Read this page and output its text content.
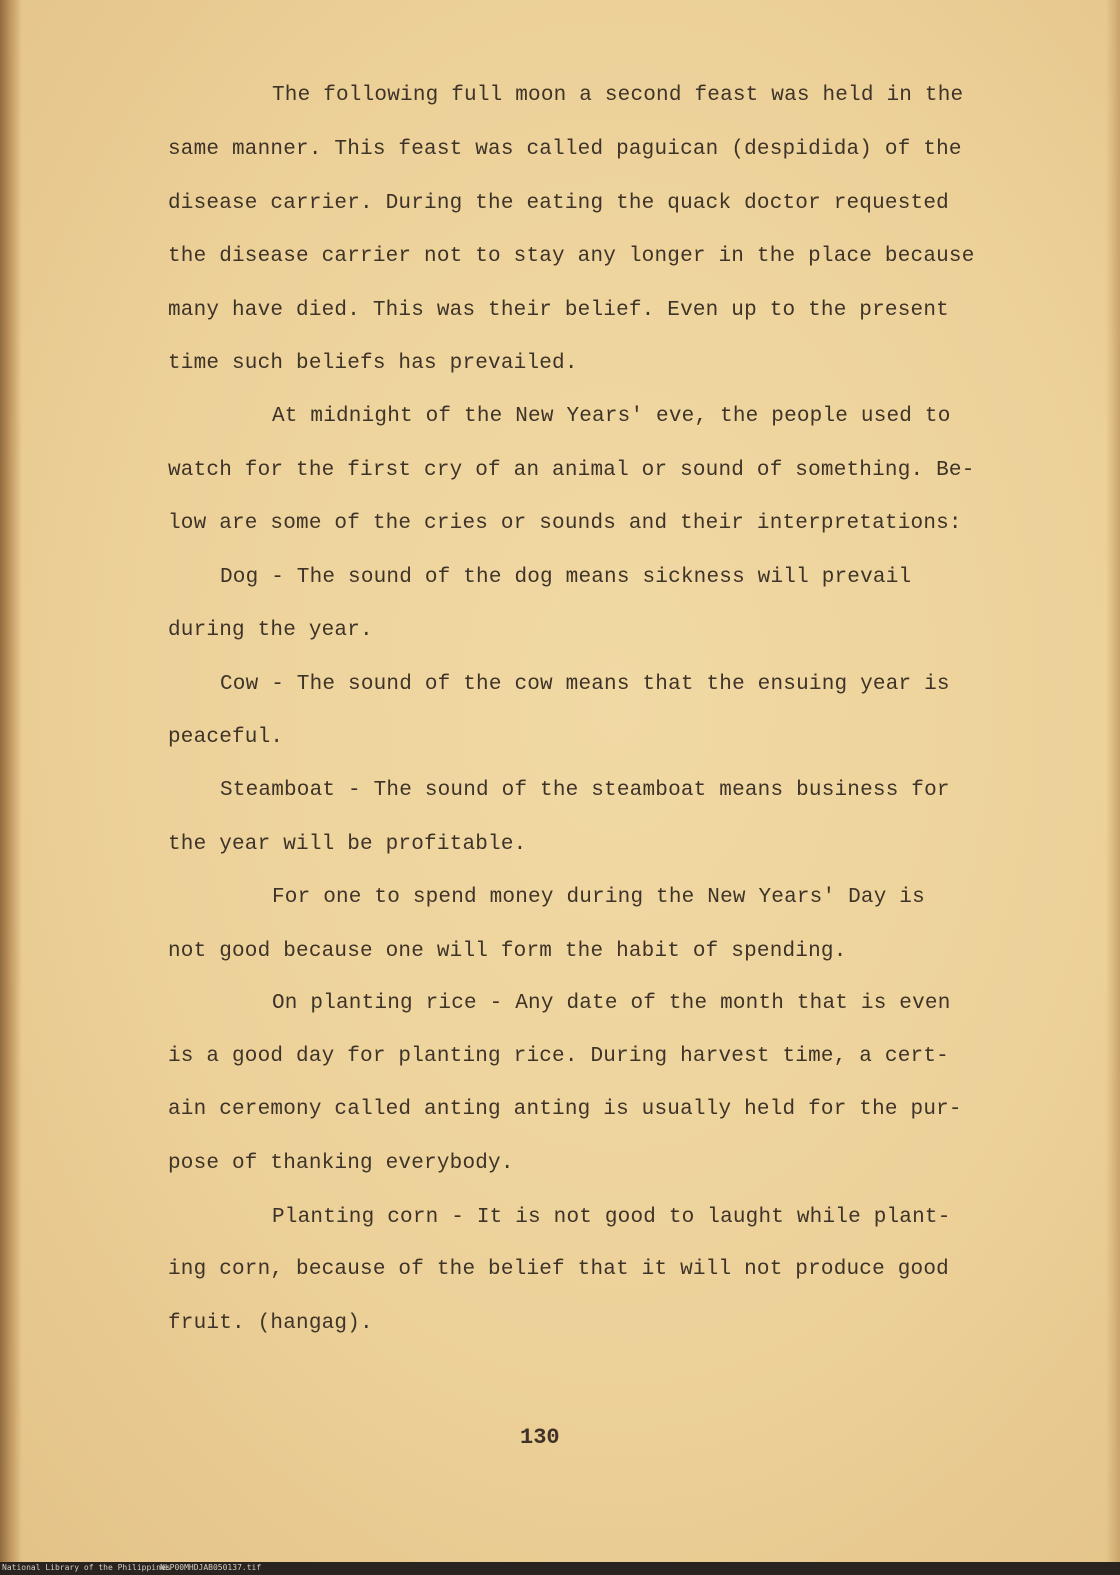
The following full moon a second feast was held in the
same manner. This feast was called paguican (despidida) of the
disease carrier. During the eating the quack doctor requested
the disease carrier not to stay any longer in the place because
many have died. This was their belief. Even up to the present
time such beliefs has prevailed.
At midnight of the New Years' eve, the people used to
watch for the first cry of an animal or sound of something. Be-
low are some of the cries or sounds and their interpretations:
Dog - The sound of the dog means sickness will prevail
during the year.
Cow - The sound of the cow means that the ensuing year is
peaceful.
Steamboat - The sound of the steamboat means business for
the year will be profitable.
For one to spend money during the New Years' Day is
not good because one will form the habit of spending.
On planting rice - Any date of the month that is even
is a good day for planting rice. During harvest time, a cert-
ain ceremony called anting anting is usually held for the pur-
pose of thanking everybody.
Planting corn - It is not good to laught while plant-
ing corn, because of the belief that it will not produce good
fruit. (hangag).
130
National Library of the Philippines
NLP00MHDJAB050137.tif
